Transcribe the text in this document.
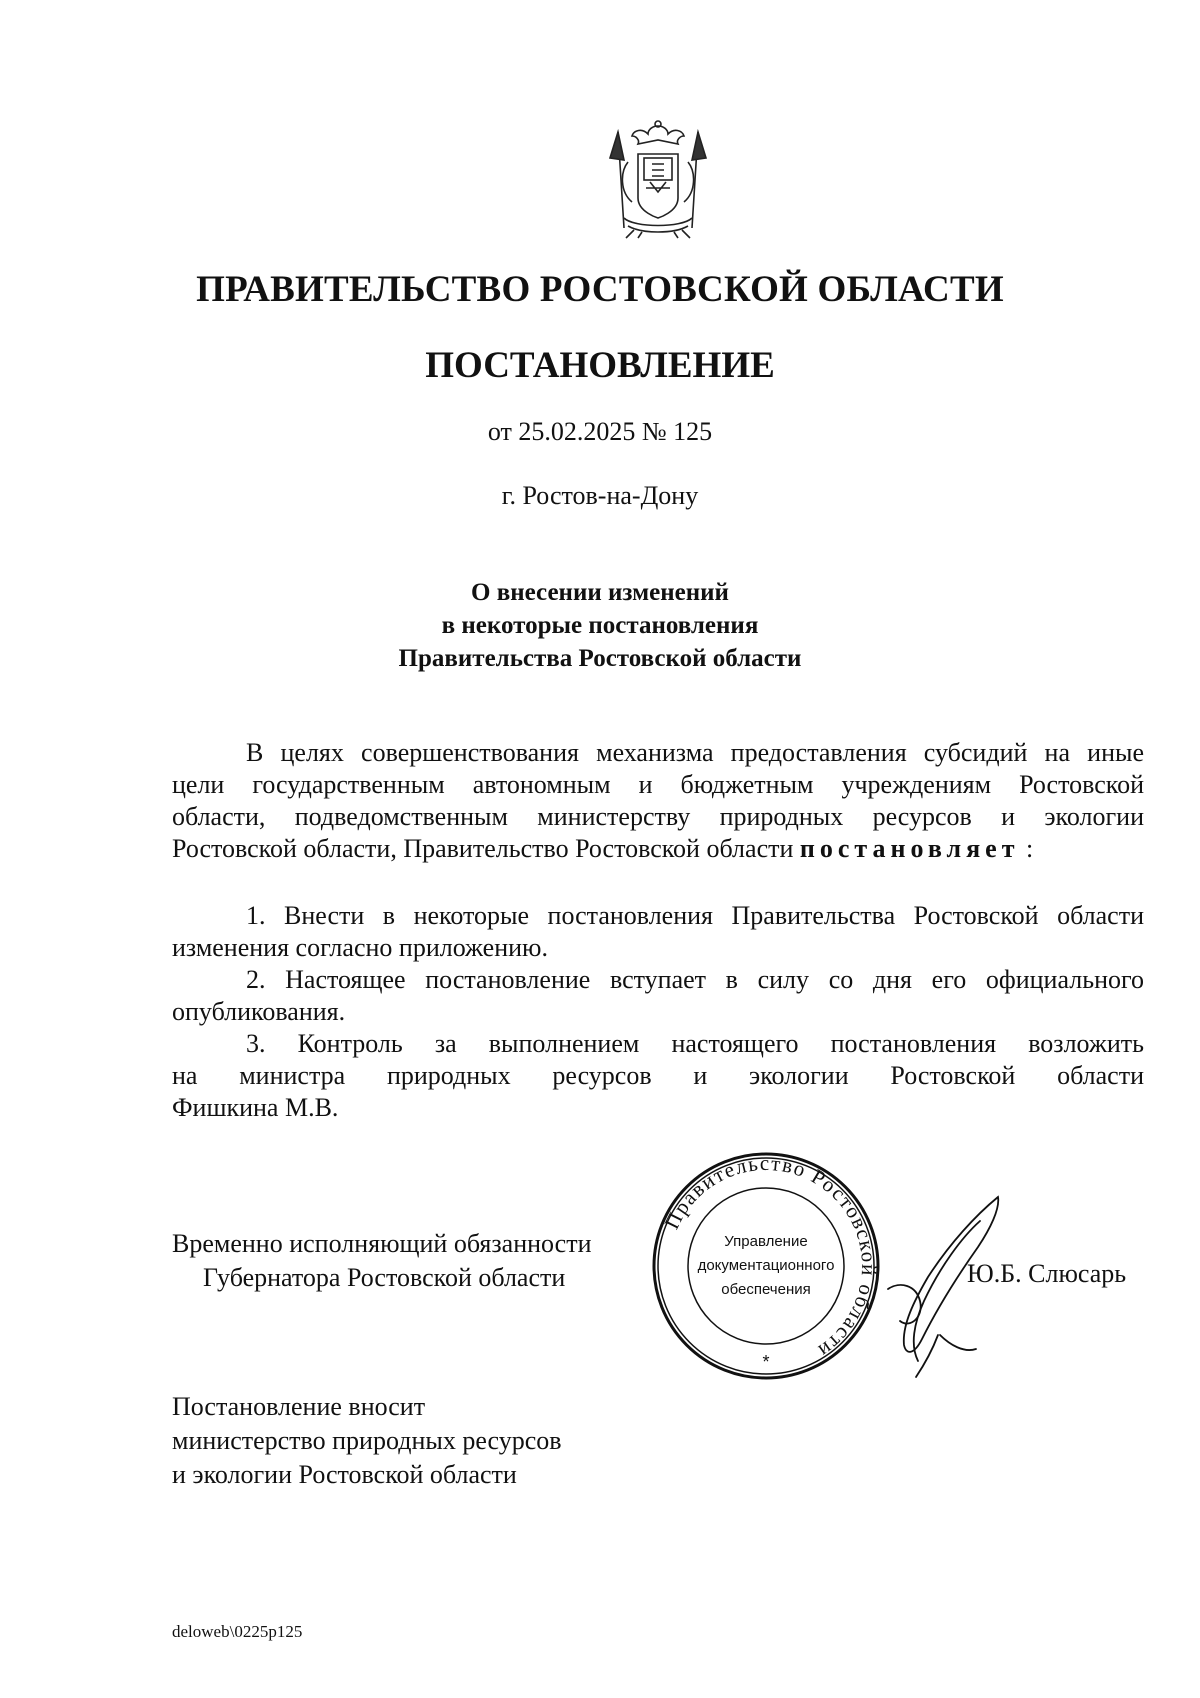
ПРАВИТЕЛЬСТВО РОСТОВСКОЙ ОБЛАСТИ
ПОСТАНОВЛЕНИЕ
от 25.02.2025 № 125
г. Ростов-на-Дону
О внесении изменений
в некоторые постановления
Правительства Ростовской области
В целях совершенствования механизма предоставления субсидий на иные
цели государственным автономным и бюджетным учреждениям Ростовской
области, подведомственным министерству природных ресурсов и экологии
Ростовской области, Правительство Ростовской области постановляет :
1. Внести в некоторые постановления Правительства Ростовской области
изменения согласно приложению.
2. Настоящее постановление вступает в силу со дня его официального
опубликования.
3. Контроль за выполнением настоящего постановления возложить
на министра природных ресурсов и экологии Ростовской области
Фишкина М.В.
Временно исполняющий обязанности
Губернатора Ростовской области
Правительство Ростовской области
Управление
документационного
обеспечения
*
Ю.Б. Слюсарь
Постановление вносит
министерство природных ресурсов
и экологии Ростовской области
deloweb\0225p125
